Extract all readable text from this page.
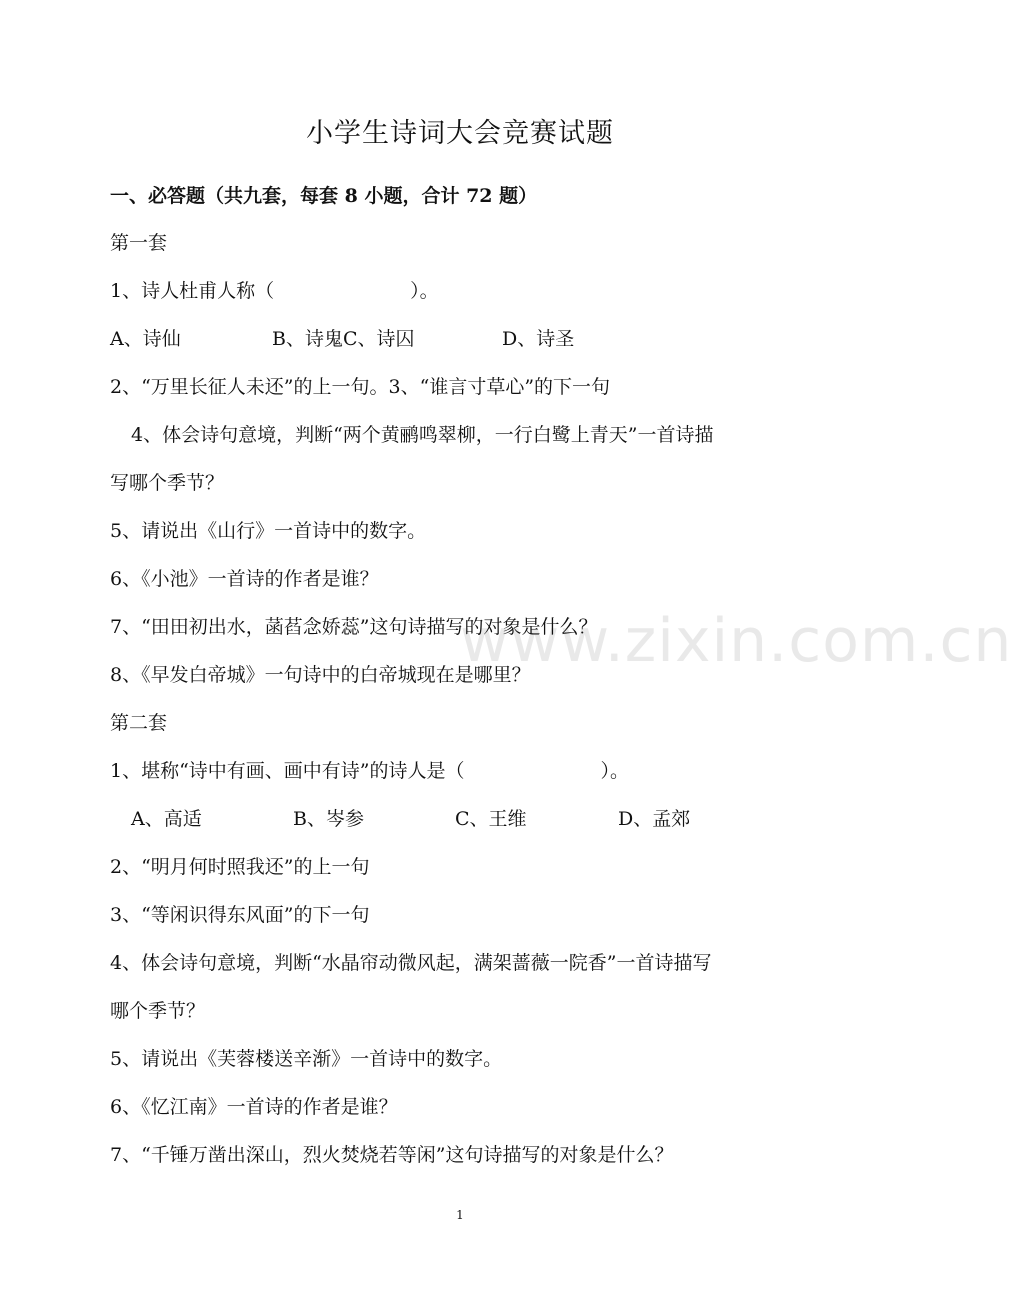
www.zixin.com.cn
小学生诗词大会竞赛试题
一、必答题（共九套，每套 8 小题，合计 72 题）
第一套
1、诗人杜甫人称（	）。
A、诗仙	B、诗鬼C、诗囚	D、诗圣
2、“万里长征人未还”的上一句。3、“谁言寸草心”的下一句
4、体会诗句意境，判断“两个黄鹂鸣翠柳，一行白鹭上青天”一首诗描
写哪个季节？
5、请说出《山行》一首诗中的数字。
6、《小池》一首诗的作者是谁？
7、“田田初出水，菡萏念娇蕊”这句诗描写的对象是什么？
8、《早发白帝城》一句诗中的白帝城现在是哪里？
第二套
1、堪称“诗中有画、画中有诗”的诗人是（	）。
A、高适	B、岑参	C、王维	D、孟郊
2、“明月何时照我还”的上一句
3、“等闲识得东风面”的下一句
4、体会诗句意境，判断“水晶帘动微风起，满架蔷薇一院香”一首诗描写
哪个季节？
5、请说出《芙蓉楼送辛渐》一首诗中的数字。
6、《忆江南》一首诗的作者是谁？
7、“千锤万凿出深山，烈火焚烧若等闲”这句诗描写的对象是什么？
1
